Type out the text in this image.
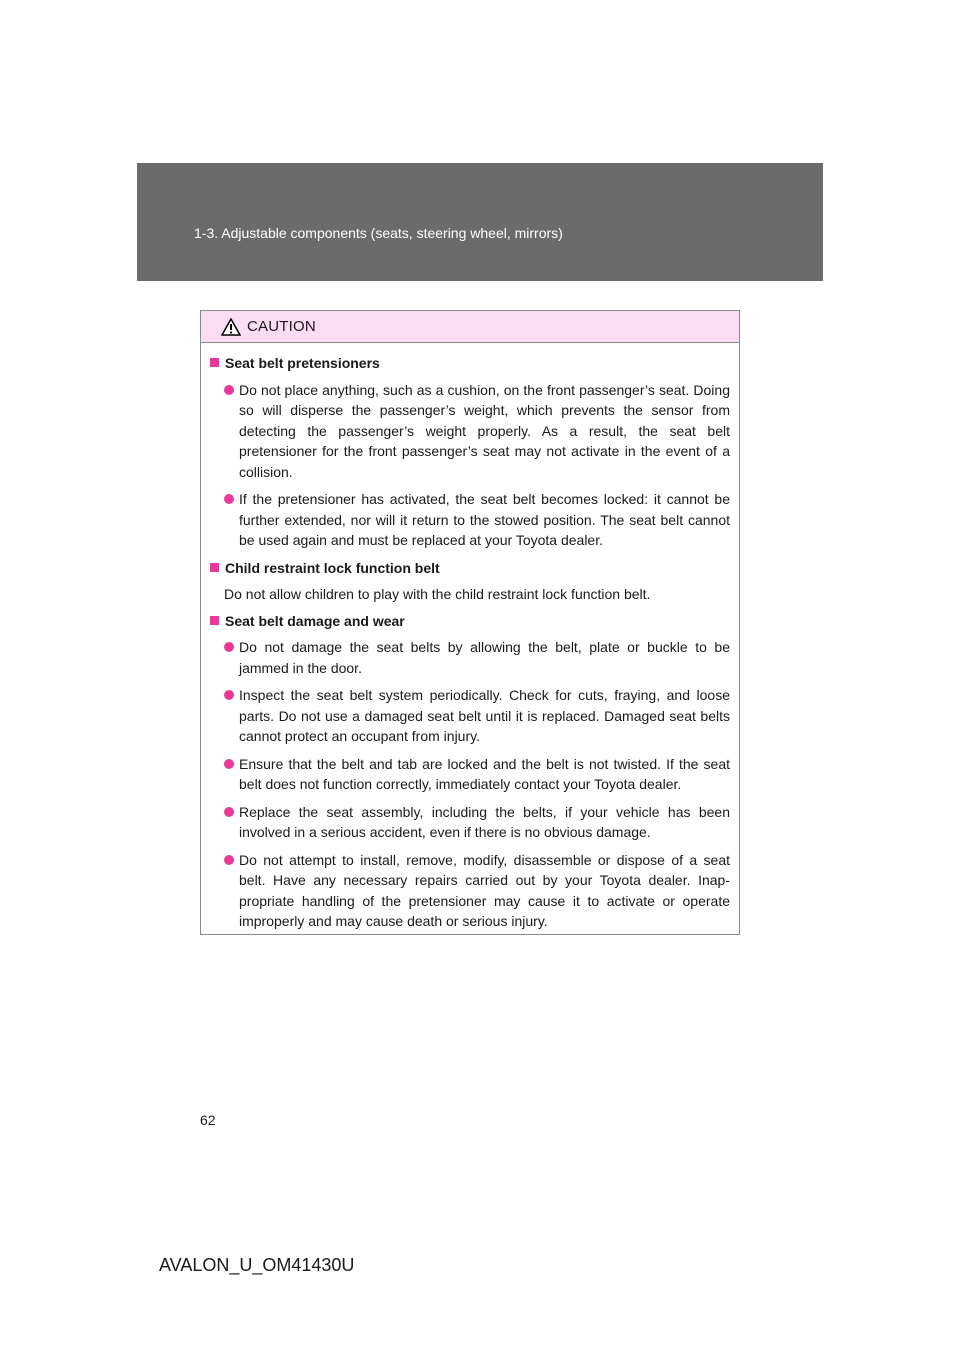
1-3. Adjustable components (seats, steering wheel, mirrors)
CAUTION
Seat belt pretensioners
Do not place anything, such as a cushion, on the front passenger’s seat. Doing so will disperse the passenger’s weight, which prevents the sensor from detecting the passenger’s weight properly. As a result, the seat belt pretensioner for the front passenger’s seat may not activate in the event of a collision.
If the pretensioner has activated, the seat belt becomes locked: it cannot be further extended, nor will it return to the stowed position. The seat belt cannot be used again and must be replaced at your Toyota dealer.
Child restraint lock function belt
Do not allow children to play with the child restraint lock function belt.
Seat belt damage and wear
Do not damage the seat belts by allowing the belt, plate or buckle to be jammed in the door.
Inspect the seat belt system periodically. Check for cuts, fraying, and loose parts. Do not use a damaged seat belt until it is replaced. Damaged seat belts cannot protect an occupant from injury.
Ensure that the belt and tab are locked and the belt is not twisted. If the seat belt does not function correctly, immediately contact your Toyota dealer.
Replace the seat assembly, including the belts, if your vehicle has been involved in a serious accident, even if there is no obvious damage.
Do not attempt to install, remove, modify, disassemble or dispose of a seat belt. Have any necessary repairs carried out by your Toyota dealer. Inap-propriate handling of the pretensioner may cause it to activate or operate improperly and may cause death or serious injury.
62
AVALON_U_OM41430U
